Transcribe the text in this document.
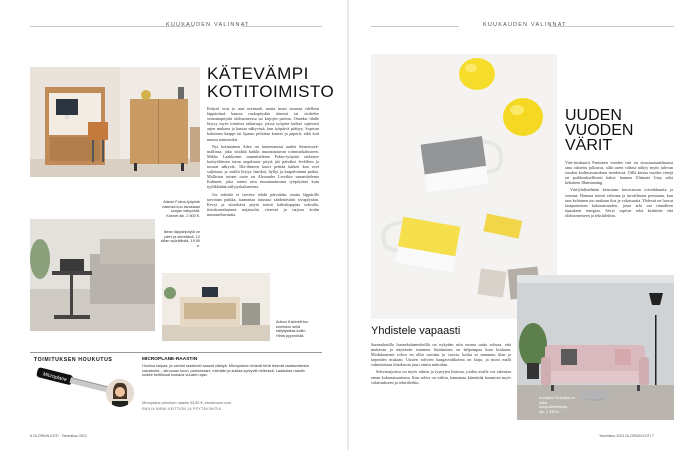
KUUKAUDEN VALINNAT
KÄTEVÄMPI
KOTITOIMISTO

Etätyöt ovat jo uusi normaali, mutta moni sisustaa edelleen läppäriinsä kanssa ruokapöydän ääressä tai virittelee seinomapöytää olohuoneessa tai kirjojen parista. Onneksi tilalle löytyy myös toimivia ratkaisuja, joissa työpiste kulkee sujuvasti arjen mukana ja katoaa näkyvistä, kun työpäivä päättyy. Sopivan kokoinen kaappi tai lipasto piilottaa koneet ja paperit, eikä koti muutu toimistoksi.

Nyt kotimainen Adea on lanseerannut uuden Smartwork-mallinsa, joka sisältää kaikki muuntautuvan toimistokalusteen. Mikko Laakkonen suunnittelema Fokus-työpiste ratkaisee kotityöläisten tutun ongelman: pöytä jää päiväksi levälleen ja tavarat näkyvät. Tila-ihmeen kuori peittää kaiken kun ovet suljetaan, ja sisältä löytyy laatikot, hyllyt ja kaapeloinnin paikat. Malliston toinen tuote on Alexander Lervikin suunnittelema Kabinett, joka toimii niin muuntautuvana työpöytänä kuin tyylikkäänä säilytyskalusteena.

Jos etätöitä ei tarvitse tehdä päivittäin, mutta läppärille tarvitaan paikka, kannattaa tutustua säädettävään sivupöytään. Kevyt ja siirreltävä pöytä toimii kahvikuppina sohvalla, tietokonealustana nojatuolin vieressä ja tarjoaa kodin muunneltavuutta.

Adeon Fokus-työpiste naamioi kuu lavastaan suojan näkyvistä. Kannet alk. 2 500 €.
Ikean läppäripöytä on pieni ja siirreltävä, 12 sillan syönttikstä, 19,90 e.
Adeon Kabinett tuo toimiston sekä säilytystilaa kotiin. Hinta pyynnöstä.
TOIMITUKSEN HOUKUTUS
Microplane
MICROPLANE-RAASTIN
Huoltoa kaipaa, ja vanhat raastimet saavat väistyä. Microplanen terävät terät tekevät raastamisesta vaivatonta – sitruunan kuori, parmesaani, inkivääri ja suklaa syntyvät hetkessä. Laadukas raastin kulkee keittiössä mukana vuosien ajan.
Microplane premium raastin 33,50 €, stockmann.com
EMILIA NIEMI KEITTIÖN JA PÖYTÄVIINITIA
6 GLORIAN KOTI · Tammikuu 2021
KUUKAUDEN VALINNAT
UUDEN
VUODEN
VÄRIT

Väri-instituutti Pantonen vuoden väri on sisustusmaailmassa aina odotettu julkistus, sillä usein valinta näkyy myös tulevan vuoden kodinsisustuksen trendeissä. Tällä kertaa vuoden värejä on poikkeuksellisesti kaksi: harmaa Ultimate Gray sekä keltainen Illuminating.

Värilyhdistelmän kerrotaan kuvastavan toiveikkuutta ja voimaa. Harmaa toimii vahvana ja turvallisena perustana, kun taas keltainen tuo mukaan iloa ja valoisuutta. Yhdessä ne luovat tasapainoisen kokonaisuuden, jossa arki saa rinnalleen ripauksen energiaa. Sävyt sopivat sekä keittiöön että olohuoneeseen ja tekstiileihin.

Yhdistele vapaasti

Suomalaisilla huonekalumerkeillä on nykyään niin monta uutta sohvaa, että mukavan ja näyttävän istuimen löytäminen on helpompaa kuin koskaan. Modulaarinen sohva on ollut suosittu jo vuosia, koska se muuntuu tilan ja tarpeiden mukaan. Uusien sohvien kangasvalikoima on laaja, ja moni malli valmistetaan tilauksesta juuri omiin mittoihin.

Sohvasarjoissa on myös rahien ja tyynyjen lisäosia, joiden avulla voi rakentaa oman kokonaisuutensa. Kun sohva on valittu, kannattaa kiinnittää huomiota myös valaistukseen ja tekstiileihin.

Kohtalon Sohvista on pitkä sävyvaihtoehtoja, alk. 2 349 e.
Tammikuu 2021 GLORIAN KOTI 7
